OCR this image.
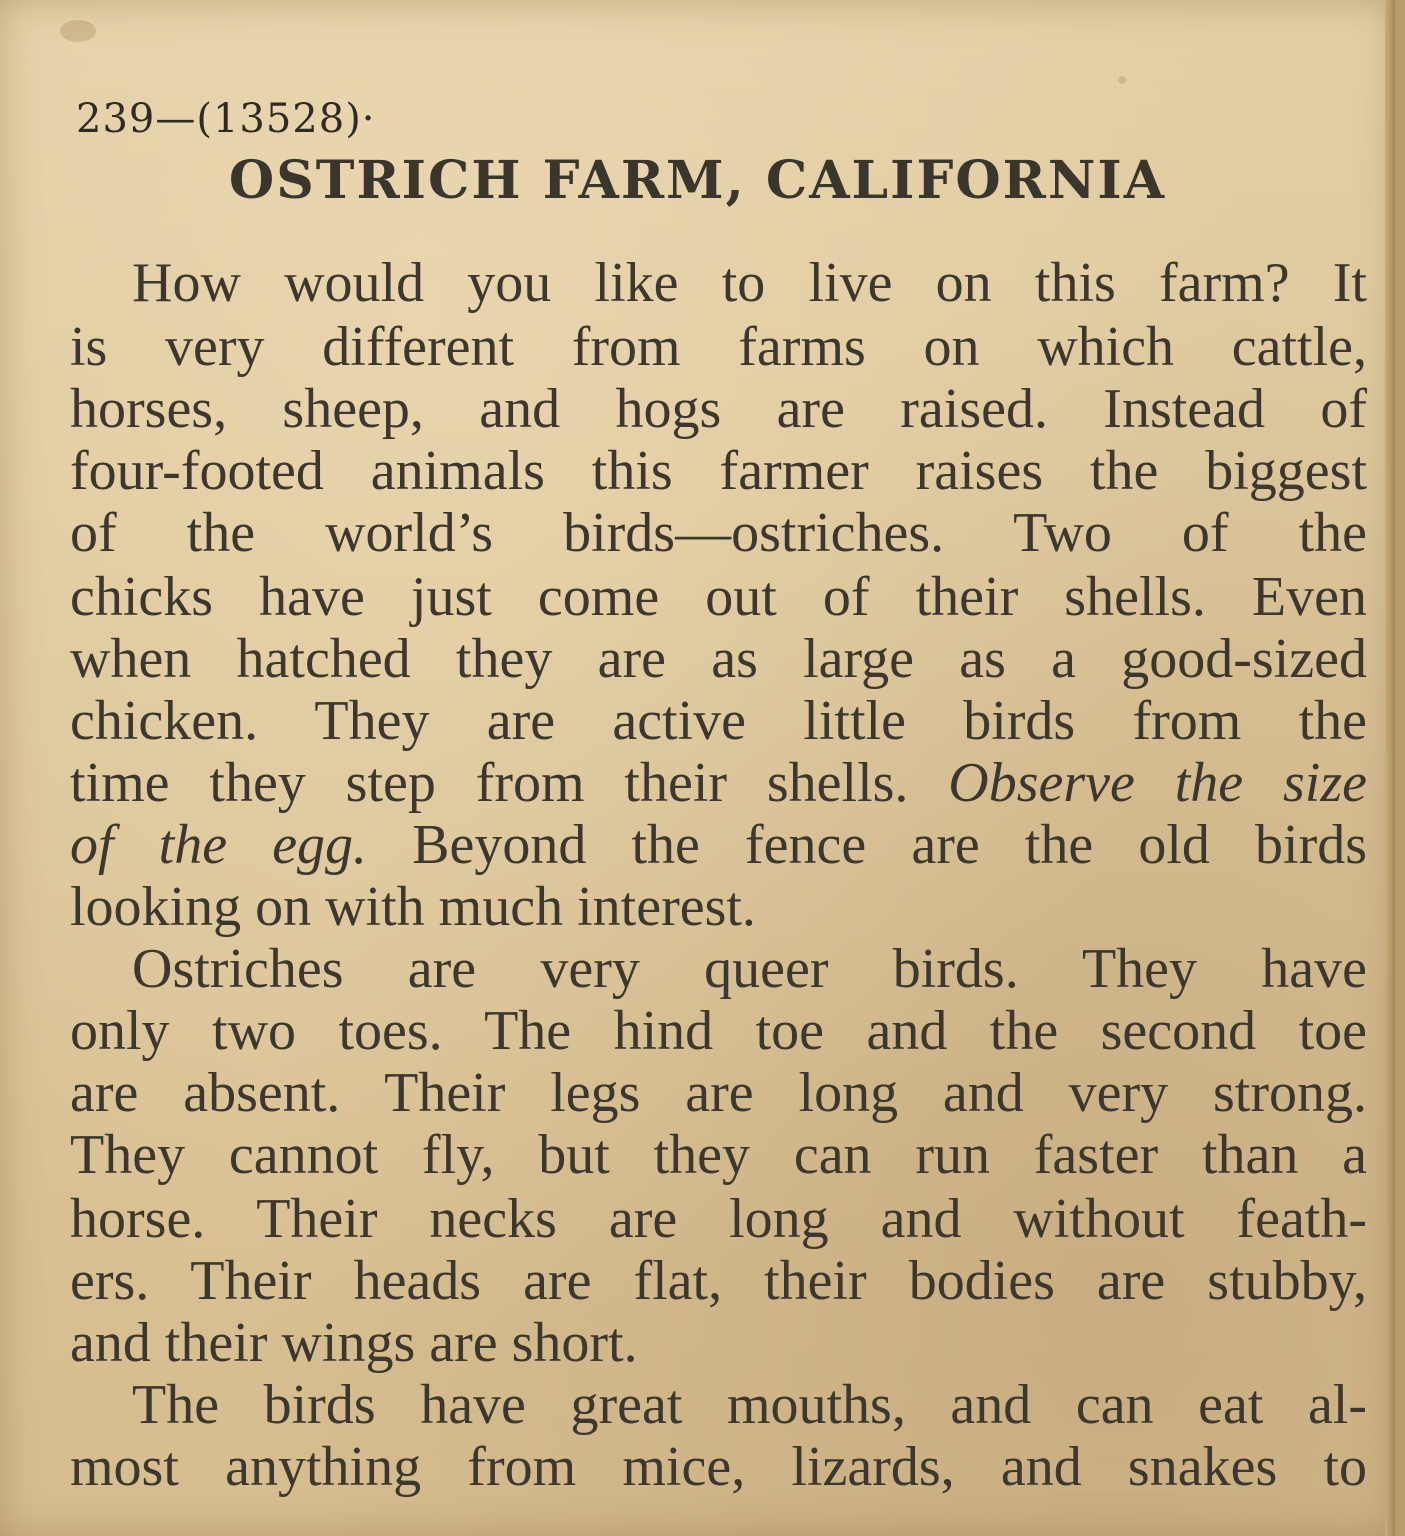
239—(13528)·
OSTRICH FARM, CALIFORNIA
How would you like to live on this farm? It
is very different from farms on which cattle,
horses, sheep, and hogs are raised. Instead of
four-footed animals this farmer raises the biggest
of the world’s birds—ostriches. Two of the
chicks have just come out of their shells. Even
when hatched they are as large as a good-sized
chicken. They are active little birds from the
time they step from their shells. Observe the size
of the egg. Beyond the fence are the old birds
looking on with much interest.
Ostriches are very queer birds. They have
only two toes. The hind toe and the second toe
are absent. Their legs are long and very strong.
They cannot fly, but they can run faster than a
horse. Their necks are long and without feath-
ers. Their heads are flat, their bodies are stubby,
and their wings are short.
The birds have great mouths, and can eat al-
most anything from mice, lizards, and snakes to
